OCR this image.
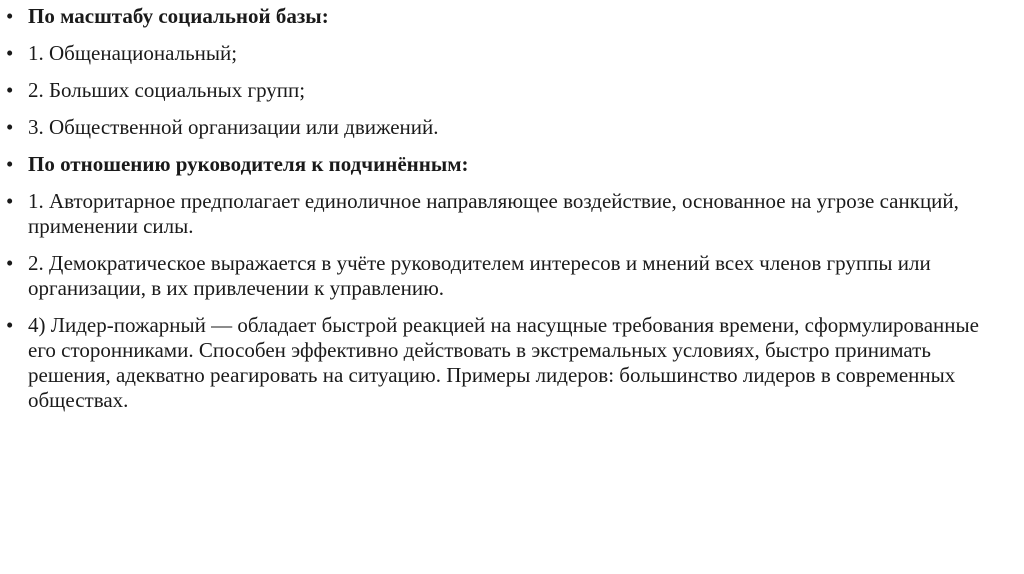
• По масштабу социальной базы:
• 1. Общенациональный;
• 2. Больших социальных групп;
• 3. Общественной организации или движений.
• По отношению руководителя к подчинённым:
• 1. Авторитарное предполагает единоличное направляющее воздействие, основанное на угрозе санкций, применении силы.
• 2. Демократическое выражается в учёте руководителем интересов и мнений всех членов группы или организации, в их привлечении к управлению.
• 4) Лидер-пожарный — обладает быстрой реакцией на насущные требования времени, сформулированные его сторонниками. Способен эффективно действовать в экстремальных условиях, быстро принимать решения, адекватно реагировать на ситуацию. Примеры лидеров: большинство лидеров в современных обществах.
